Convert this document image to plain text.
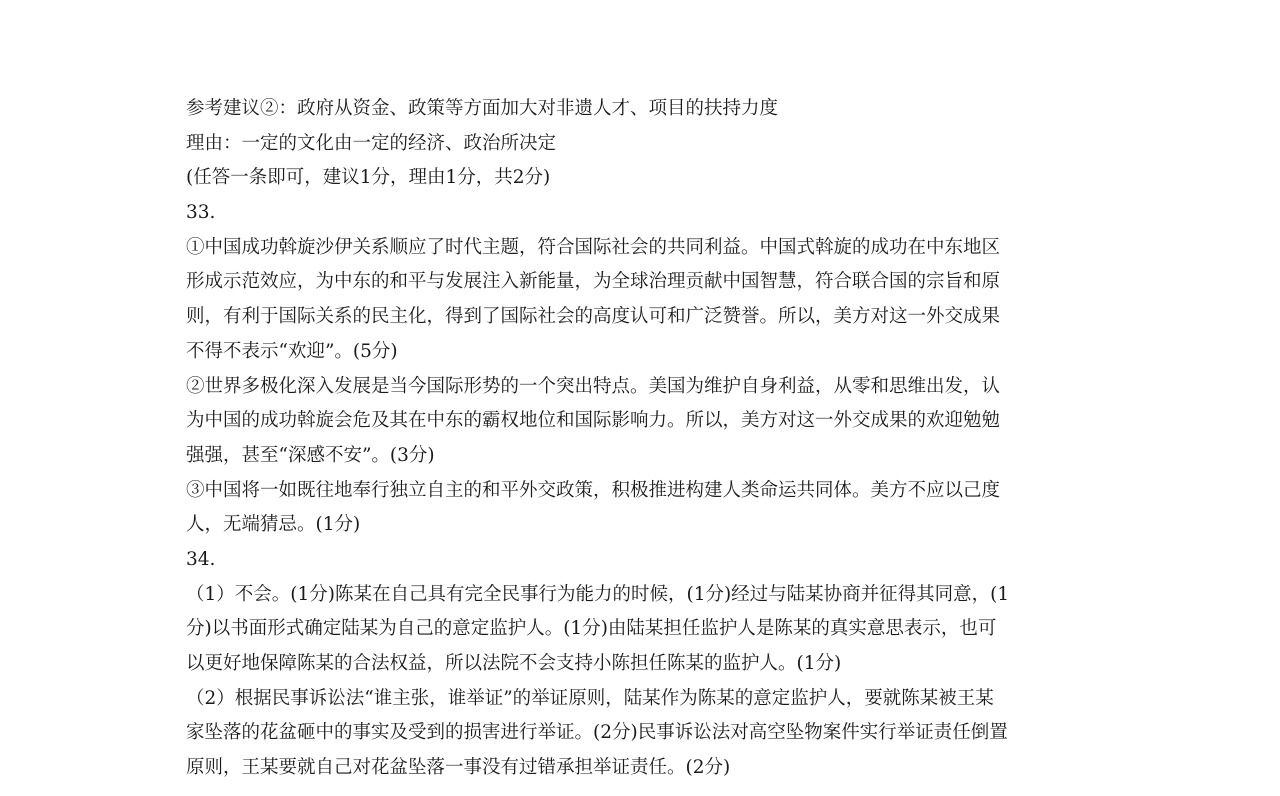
参考建议②：政府从资金、政策等方面加大对非遗人才、项目的扶持力度
理由：一定的文化由一定的经济、政治所决定
(任答一条即可，建议1分，理由1分，共2分)
33.
①中国成功斡旋沙伊关系顺应了时代主题，符合国际社会的共同利益。中国式斡旋的成功在中东地区
形成示范效应，为中东的和平与发展注入新能量，为全球治理贡献中国智慧，符合联合国的宗旨和原
则，有利于国际关系的民主化，得到了国际社会的高度认可和广泛赞誉。所以，美方对这一外交成果
不得不表示“欢迎”。(5分)
②世界多极化深入发展是当今国际形势的一个突出特点。美国为维护自身利益，从零和思维出发，认
为中国的成功斡旋会危及其在中东的霸权地位和国际影响力。所以，美方对这一外交成果的欢迎勉勉
强强，甚至“深感不安”。(3分)
③中国将一如既往地奉行独立自主的和平外交政策，积极推进构建人类命运共同体。美方不应以己度
人，无端猜忌。(1分)
34.
（1）不会。(1分)陈某在自己具有完全民事行为能力的时候，(1分)经过与陆某协商并征得其同意，(1
分)以书面形式确定陆某为自己的意定监护人。(1分)由陆某担任监护人是陈某的真实意思表示，也可
以更好地保障陈某的合法权益，所以法院不会支持小陈担任陈某的监护人。(1分)
（2）根据民事诉讼法“谁主张，谁举证”的举证原则，陆某作为陈某的意定监护人，要就陈某被王某
家坠落的花盆砸中的事实及受到的损害进行举证。(2分)民事诉讼法对高空坠物案件实行举证责任倒置
原则，王某要就自己对花盆坠落一事没有过错承担举证责任。(2分)
